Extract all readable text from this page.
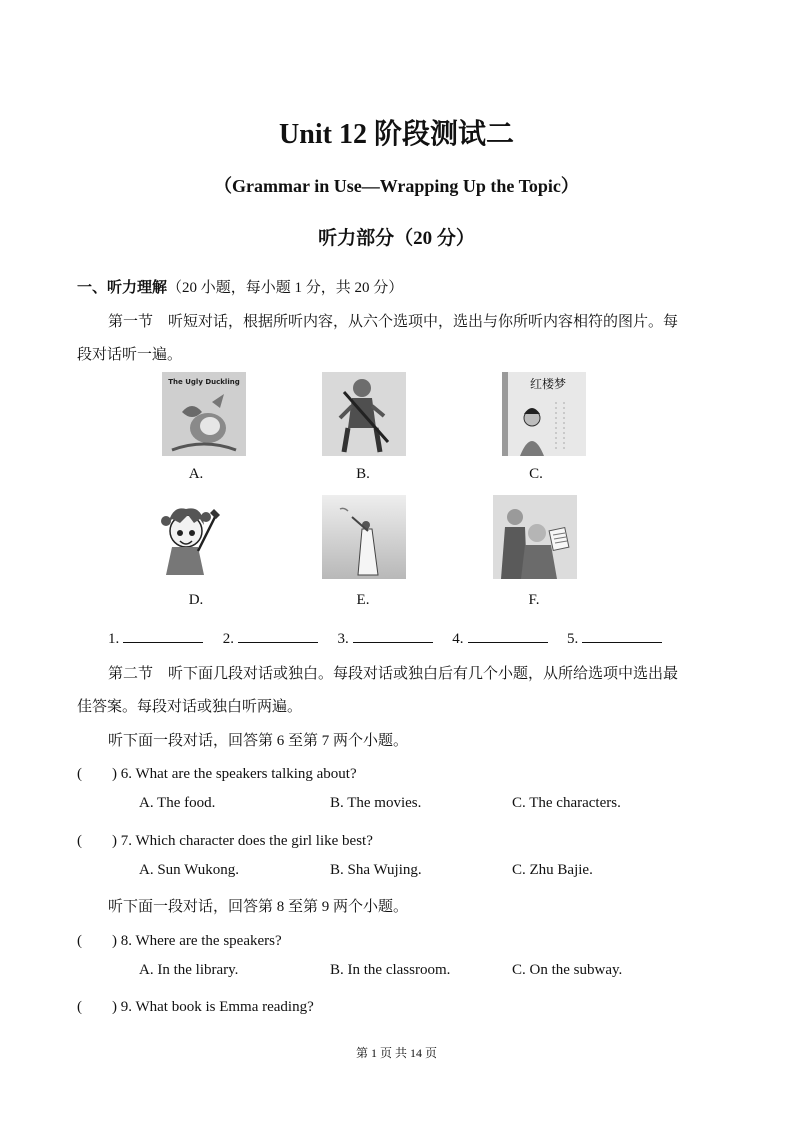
Unit 12 阶段测试二
（Grammar in Use—Wrapping Up the Topic）
听力部分（20 分）
一、听力理解（20 小题，每小题 1 分，共 20 分）
第一节　听短对话，根据所听内容，从六个选项中，选出与你所听内容相符的图片。每
段对话听一遍。
The Ugly Duckling
A.	B.
红楼梦
C.
D.	E.	F.
1.	2.	3.	4.	5.
第二节　听下面几段对话或独白。每段对话或独白后有几个小题，从所给选项中选出最
佳答案。每段对话或独白听两遍。
听下面一段对话，回答第 6 至第 7 两个小题。
(　　) 6. What are the speakers talking about?
A. The food.	B. The movies.	C. The characters.
(　　) 7. Which character does the girl like best?
A. Sun Wukong.	B. Sha Wujing.	C. Zhu Bajie.
听下面一段对话，回答第 8 至第 9 两个小题。
(　　) 8. Where are the speakers?
A. In the library.	B. In the classroom.	C. On the subway.
(　　) 9. What book is Emma reading?
第 1 页 共 14 页
